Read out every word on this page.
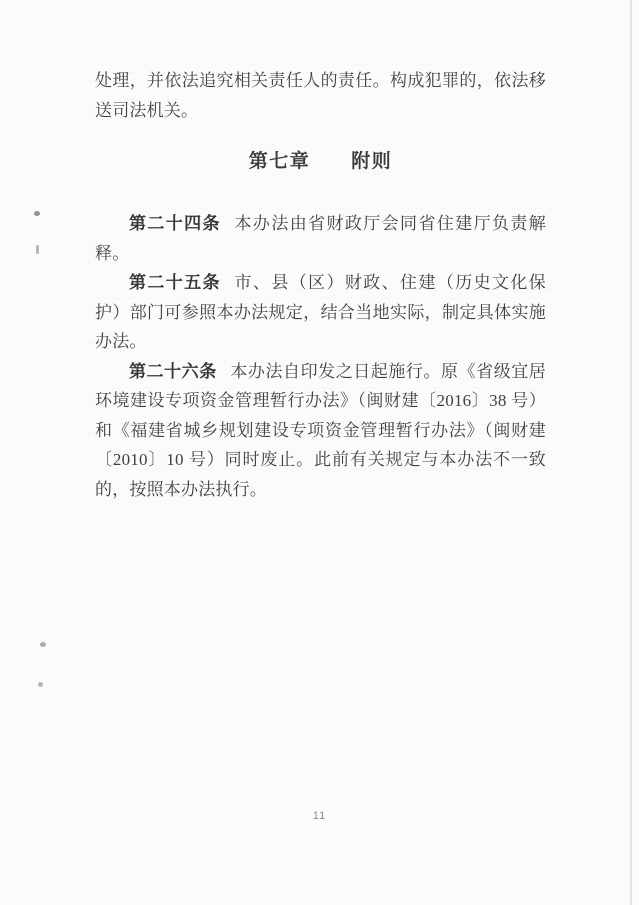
处理，并依法追究相关责任人的责任。构成犯罪的，依法移送司法机关。

第七章　　附则

第二十四条 本办法由省财政厅会同省住建厅负责解释。

第二十五条 市、县（区）财政、住建（历史文化保护）部门可参照本办法规定，结合当地实际，制定具体实施办法。

第二十六条 本办法自印发之日起施行。原《省级宜居环境建设专项资金管理暂行办法》（闽财建〔2016〕38 号）和《福建省城乡规划建设专项资金管理暂行办法》（闽财建〔2010〕10 号）同时废止。此前有关规定与本办法不一致的，按照本办法执行。

11
